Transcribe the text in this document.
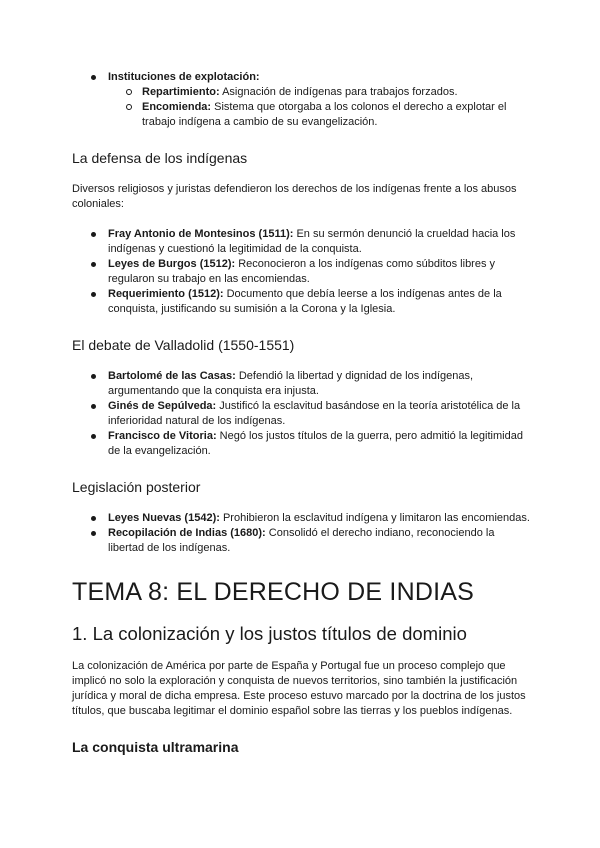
Instituciones de explotación:
Repartimiento: Asignación de indígenas para trabajos forzados.
Encomienda: Sistema que otorgaba a los colonos el derecho a explotar el trabajo indígena a cambio de su evangelización.
La defensa de los indígenas

Diversos religiosos y juristas defendieron los derechos de los indígenas frente a los abusos coloniales:

Fray Antonio de Montesinos (1511): En su sermón denunció la crueldad hacia los indígenas y cuestionó la legitimidad de la conquista.
Leyes de Burgos (1512): Reconocieron a los indígenas como súbditos libres y regularon su trabajo en las encomiendas.
Requerimiento (1512): Documento que debía leerse a los indígenas antes de la conquista, justificando su sumisión a la Corona y la Iglesia.
El debate de Valladolid (1550-1551)
Bartolomé de las Casas: Defendió la libertad y dignidad de los indígenas, argumentando que la conquista era injusta.
Ginés de Sepúlveda: Justificó la esclavitud basándose en la teoría aristotélica de la inferioridad natural de los indígenas.
Francisco de Vitoria: Negó los justos títulos de la guerra, pero admitió la legitimidad de la evangelización.
Legislación posterior
Leyes Nuevas (1542): Prohibieron la esclavitud indígena y limitaron las encomiendas.
Recopilación de Indias (1680): Consolidó el derecho indiano, reconociendo la libertad de los indígenas.
TEMA 8: EL DERECHO DE INDIAS
1. La colonización y los justos títulos de dominio

La colonización de América por parte de España y Portugal fue un proceso complejo que implicó no solo la exploración y conquista de nuevos territorios, sino también la justificación jurídica y moral de dicha empresa. Este proceso estuvo marcado por la doctrina de los justos títulos, que buscaba legitimar el dominio español sobre las tierras y los pueblos indígenas.

La conquista ultramarina
